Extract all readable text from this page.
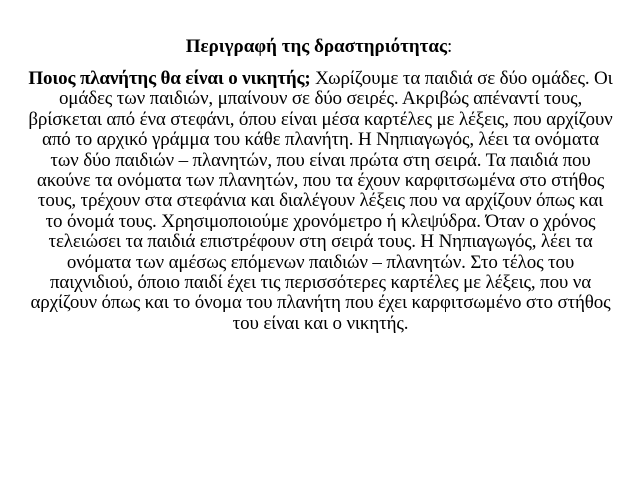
Περιγραφή της δραστηριότητας:
Ποιος πλανήτης θα είναι ο νικητής; Χωρίζουμε τα παιδιά σε δύο ομάδες. Οι ομάδες των παιδιών, μπαίνουν σε δύο σειρές. Ακριβώς απέναντί τους, βρίσκεται από ένα στεφάνι, όπου είναι μέσα καρτέλες με λέξεις, που αρχίζουν από το αρχικό γράμμα του κάθε πλανήτη. Η Νηπιαγωγός, λέει τα ονόματα των δύο παιδιών – πλανητών, που είναι πρώτα στη σειρά. Τα παιδιά που ακούνε τα ονόματα των πλανητών, που τα έχουν καρφιτσωμένα στο στήθος τους, τρέχουν στα στεφάνια και διαλέγουν λέξεις που να αρχίζουν όπως και το όνομά τους. Χρησιμοποιούμε χρονόμετρο ή κλεψύδρα. Όταν ο χρόνος τελειώσει τα παιδιά επιστρέφουν στη σειρά τους. Η Νηπιαγωγός, λέει τα ονόματα των αμέσως επόμενων παιδιών – πλανητών. Στο τέλος του παιχνιδιού, όποιο παιδί έχει τις περισσότερες καρτέλες με λέξεις, που να αρχίζουν όπως και το όνομα του πλανήτη που έχει καρφιτσωμένο στο στήθος του είναι και ο νικητής.
